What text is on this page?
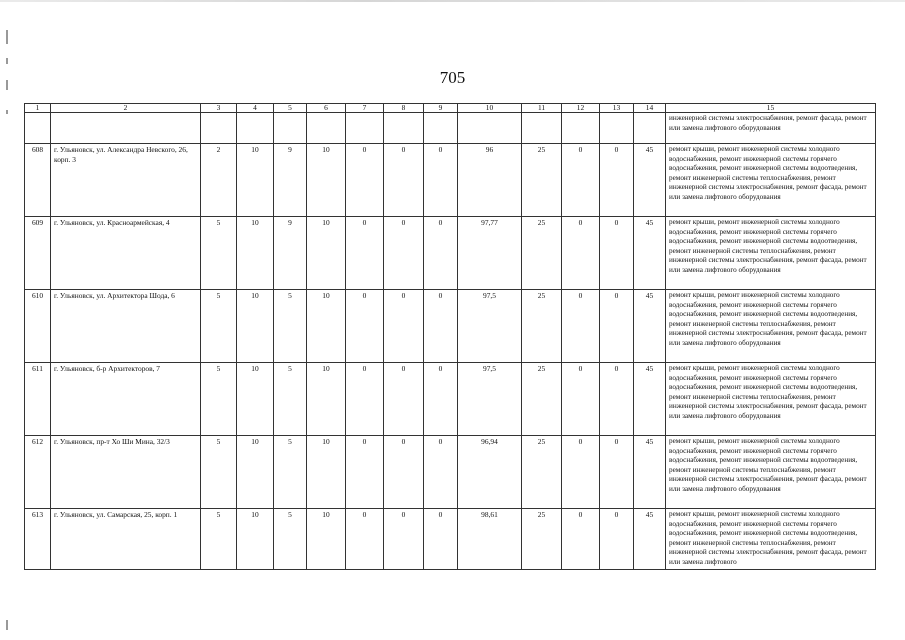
705
1	2	3	4	5	6	7	8	9	10	11	12	13	14	15
														инженерной системы электроснабжения, ремонт фасада, ремонт или замена лифтового оборудования
608	г. Ульяновск, ул. Александра Невского, 26, корп. 3	2	10	9	10	0	0	0	96	25	0	0	45	ремонт крыши, ремонт инженерной системы холодного водоснабжения, ремонт инженерной системы горячего водоснабжения, ремонт инженерной системы водоотведения, ремонт инженерной системы теплоснабжения, ремонт инженерной системы электроснабжения, ремонт фасада, ремонт или замена лифтового оборудования
609	г. Ульяновск, ул. Красноармейская, 4	5	10	9	10	0	0	0	97,77	25	0	0	45	ремонт крыши, ремонт инженерной системы холодного водоснабжения, ремонт инженерной системы горячего водоснабжения, ремонт инженерной системы водоотведения, ремонт инженерной системы теплоснабжения, ремонт инженерной системы электроснабжения, ремонт фасада, ремонт или замена лифтового оборудования
610	г. Ульяновск, ул. Архитектора Шода, 6	5	10	5	10	0	0	0	97,5	25	0	0	45	ремонт крыши, ремонт инженерной системы холодного водоснабжения, ремонт инженерной системы горячего водоснабжения, ремонт инженерной системы водоотведения, ремонт инженерной системы теплоснабжения, ремонт инженерной системы электроснабжения, ремонт фасада, ремонт или замена лифтового оборудования
611	г. Ульяновск, б-р Архитекторов, 7	5	10	5	10	0	0	0	97,5	25	0	0	45	ремонт крыши, ремонт инженерной системы холодного водоснабжения, ремонт инженерной системы горячего водоснабжения, ремонт инженерной системы водоотведения, ремонт инженерной системы теплоснабжения, ремонт инженерной системы электроснабжения, ремонт фасада, ремонт или замена лифтового оборудования
612	г. Ульяновск, пр-т Хо Ши Мина, 32/3	5	10	5	10	0	0	0	96,94	25	0	0	45	ремонт крыши, ремонт инженерной системы холодного водоснабжения, ремонт инженерной системы горячего водоснабжения, ремонт инженерной системы водоотведения, ремонт инженерной системы теплоснабжения, ремонт инженерной системы электроснабжения, ремонт фасада, ремонт или замена лифтового оборудования
613	г. Ульяновск, ул. Самарская, 25, корп. 1	5	10	5	10	0	0	0	98,61	25	0	0	45	ремонт крыши, ремонт инженерной системы холодного водоснабжения, ремонт инженерной системы горячего водоснабжения, ремонт инженерной системы водоотведения, ремонт инженерной системы теплоснабжения, ремонт инженерной системы электроснабжения, ремонт фасада, ремонт или замена лифтового
